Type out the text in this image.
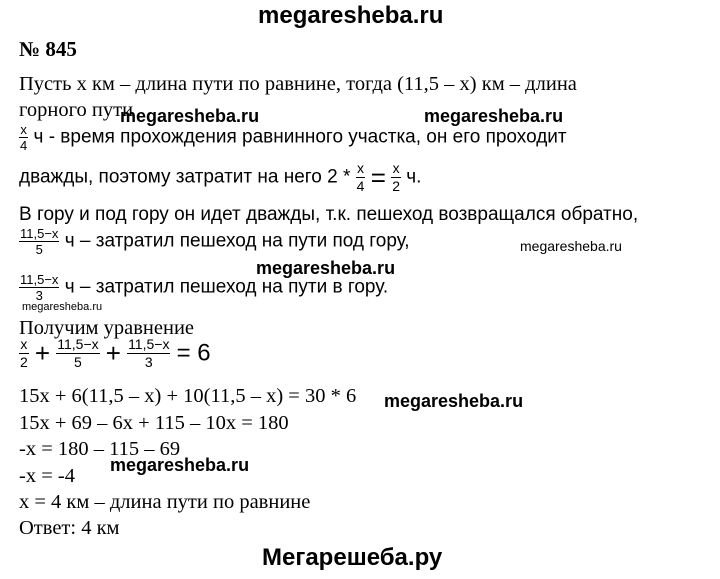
megaresheba.ru
megaresheba.ru	megaresheba.ru
megaresheba.ru
megaresheba.ru
megaresheba.ru
megaresheba.ru
megaresheba.ru
Мегарешеба.ру
№ 845
Пусть х км – длина пути по равнине, тогда (11,5 – х) км – длина
горного пути
$\frac{x}{4}$ ч - время прохождения равнинного участка, он его проходит
дважды, поэтому затратит на него $2 * \frac{x}{4} = \frac{x}{2} ч$.
В гору и под гору он идет дважды, т.к. пешеход возвращался обратно,
$\frac{11,5-x}{5}$ ч – затратил пешеход на пути под гору,
$\frac{11,5-x}{3}$ ч – затратил пешеход на пути в гору.
Получим уравнение
$\frac{x}{2} + \frac{11,5-x}{5} + \frac{11,5-x}{3} = 6$
15х + 6(11,5 – х) + 10(11,5 – х) = 30 * 6
15х + 69 – 6х + 115 – 10х = 180
-х = 180 – 115 – 69
-х = -4
х = 4 км – длина пути по равнине
Ответ: 4 км
